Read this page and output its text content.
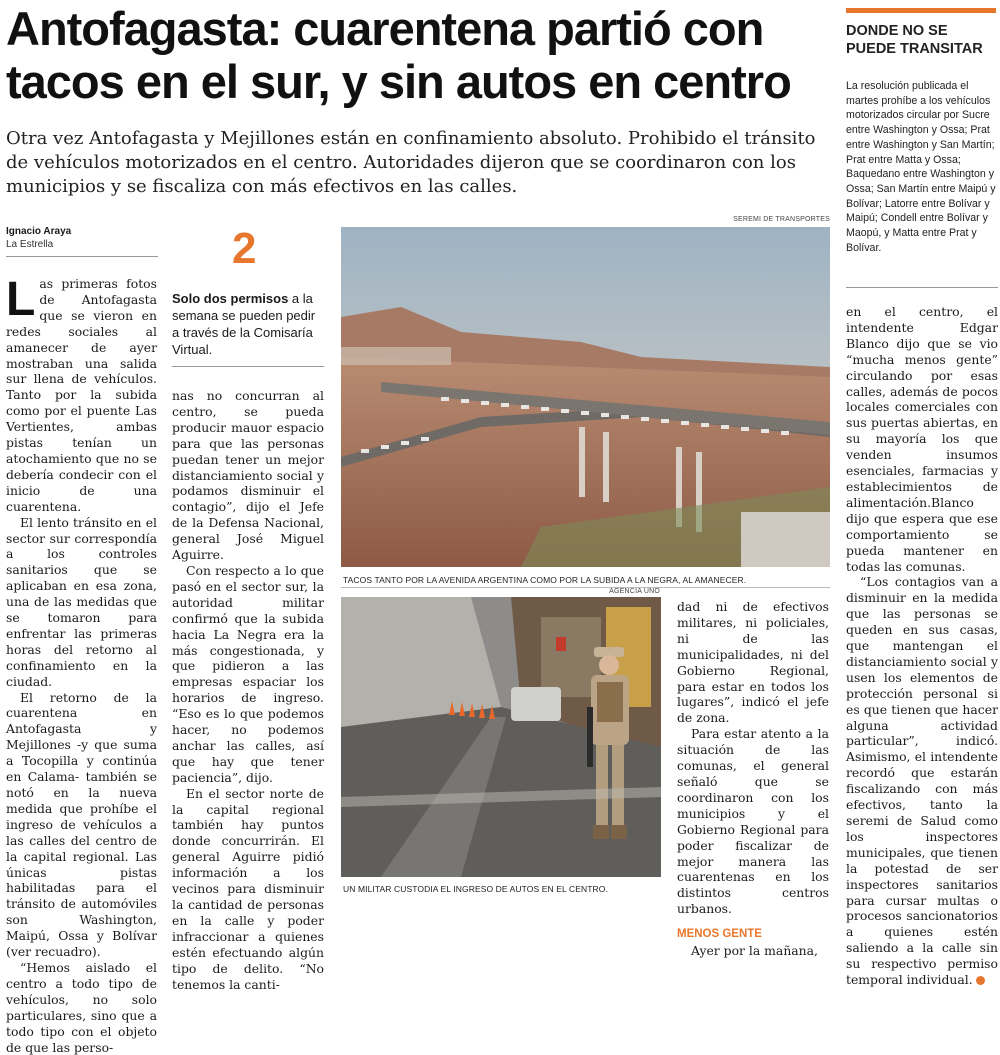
Antofagasta: cuarentena partió con tacos en el sur, y sin autos en centro
Otra vez Antofagasta y Mejillones están en confinamiento absoluto. Prohibido el tránsito de vehículos motorizados en el centro. Autoridades dijeron que se coordinaron con los municipios y se fiscaliza con más efectivos en las calles.
Ignacio Araya
La Estrella

Las primeras fotos de Antofagasta que se vieron en redes sociales al amanecer de ayer mostraban una salida sur llena de vehículos. Tanto por la subida como por el puente Las Vertientes, ambas pistas tenían un atochamiento que no se debería condecir con el inicio de una cuarentena.

El lento tránsito en el sector sur correspondía a los controles sanitarios que se aplicaban en esa zona, una de las medidas que se tomaron para enfrentar las primeras horas del retorno al confinamiento en la ciudad.

El retorno de la cuarentena en Antofagasta y Mejillones -y que suma a Tocopilla y continúa en Calama- también se notó en la nueva medida que prohíbe el ingreso de vehículos a las calles del centro de la capital regional. Las únicas pistas habilitadas para el tránsito de automóviles son Washington, Maipú, Ossa y Bolívar (ver recuadro).

“Hemos aislado el centro a todo tipo de vehículos, no solo particulares, sino que a todo tipo con el objeto de que las perso-

2
Solo dos permisos a la semana se pueden pedir a través de la Comisaría Virtual.

nas no concurran al centro, se pueda producir mauor espacio para que las personas puedan tener un mejor distanciamiento social y podamos disminuir el contagio”, dijo el Jefe de la Defensa Nacional, general José Miguel Aguirre.

Con respecto a lo que pasó en el sector sur, la autoridad militar confirmó que la subida hacia La Negra era la más congestionada, y que pidieron a las empresas espaciar los horarios de ingreso. “Eso es lo que podemos hacer, no podemos anchar las calles, así que hay que tener paciencia”, dijo.

En el sector norte de la capital regional también hay puntos donde concurrirán. El general Aguirre pidió información a los vecinos para disminuir la cantidad de personas en la calle y poder infraccionar a quienes estén efectuando algún tipo de delito. “No tenemos la canti-

SEREMI DE TRANSPORTES
TACOS TANTO POR LA AVENIDA ARGENTINA COMO POR LA SUBIDA A LA NEGRA, AL AMANECER.
AGENCIA UNO
UN MILITAR CUSTODIA EL INGRESO DE AUTOS EN EL CENTRO.

dad ni de efectivos militares, ni policiales, ni de las municipalidades, ni del Gobierno Regional, para estar en todos los lugares”, indicó el jefe de zona.

Para estar atento a la situación de las comunas, el general señaló que se coordinaron con los municipios y el Gobierno Regional para poder fiscalizar de mejor manera las cuarentenas en los distintos centros urbanos.

MENOS GENTE

Ayer por la mañana,

en el centro, el intendente Edgar Blanco dijo que se vio “mucha menos gente” circulando por esas calles, además de pocos locales comerciales con sus puertas abiertas, en su mayoría los que venden insumos esenciales, farmacias y establecimientos de alimentación.Blanco dijo que espera que ese comportamiento se pueda mantener en todas las comunas.

“Los contagios van a disminuir en la medida que las personas se queden en sus casas, que mantengan el distanciamiento social y usen los elementos de protección personal si es que tienen que hacer alguna actividad particular”, indicó. Asimismo, el intendente recordó que estarán fiscalizando con más efectivos, tanto la seremi de Salud como los inspectores municipales, que tienen la potestad de ser inspectores sanitarios para cursar multas o procesos sancionatorios a quienes estén saliendo a la calle sin su respectivo permiso temporal individual.

DONDE NO SE PUEDE TRANSITAR
La resolución publicada el martes prohíbe a los vehículos motorizados circular por Sucre entre Washington y Ossa; Prat entre Washington y San Martín; Prat entre Matta y Ossa; Baquedano entre Washington y Ossa; San Martín entre Maipú y Bolívar; Latorre entre Bolívar y Maipú; Condell entre Bolívar y Maopú, y Matta entre Prat y Bolívar.
